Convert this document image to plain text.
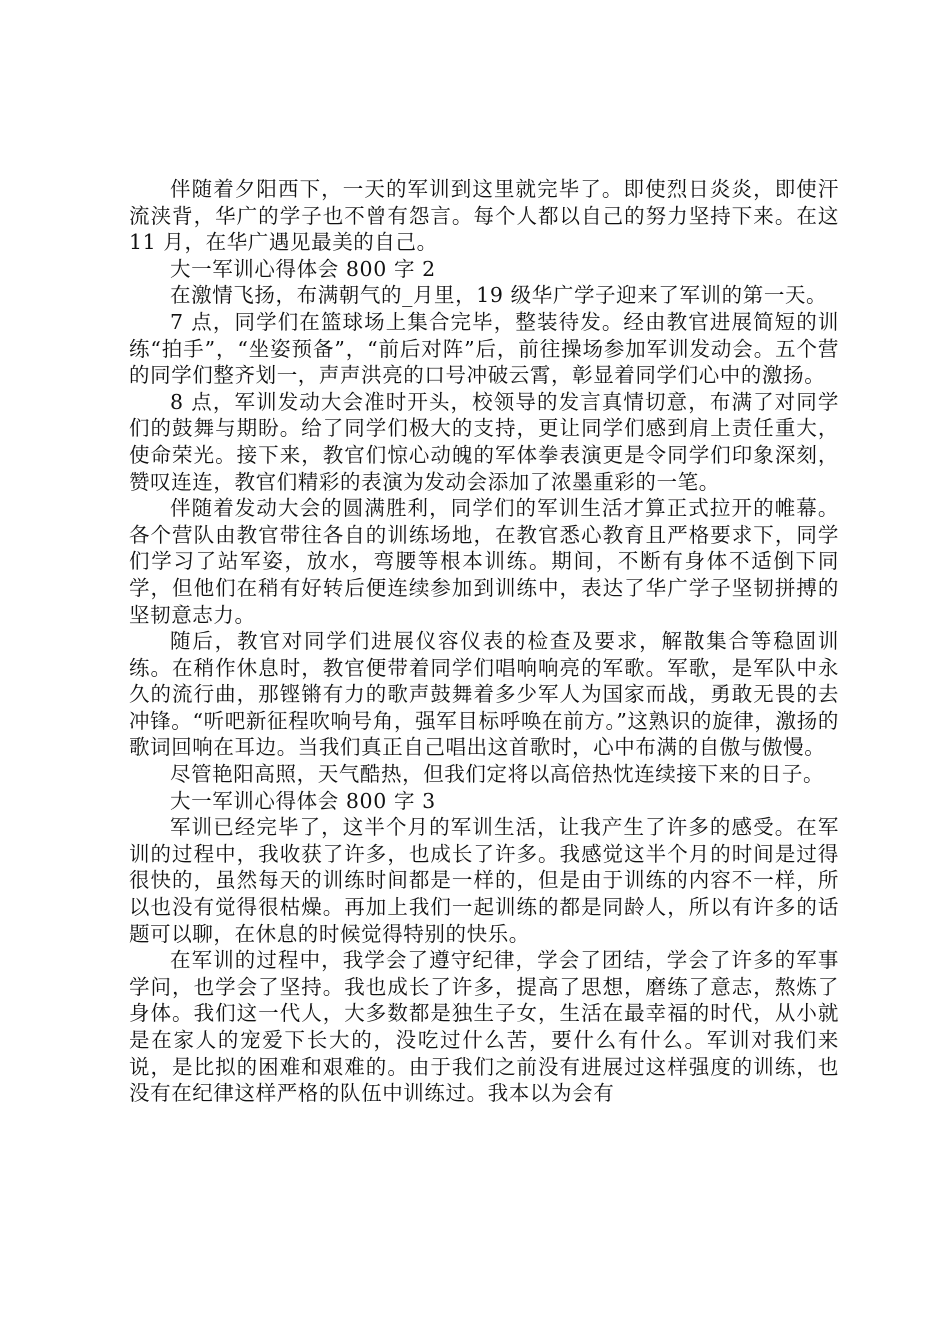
伴随着夕阳西下，一天的军训到这里就完毕了。即使烈日炎炎，即使汗流浃背，华广的学子也不曾有怨言。每个人都以自己的努力坚持下来。在这 11 月，在华广遇见最美的自己。

大一军训心得体会 800 字 2

在激情飞扬，布满朝气的_月里，19 级华广学子迎来了军训的第一天。

7 点，同学们在篮球场上集合完毕，整装待发。经由教官进展简短的训练“拍手”，“坐姿预备”，“前后对阵”后，前往操场参加军训发动会。五个营的同学们整齐划一，声声洪亮的口号冲破云霄，彰显着同学们心中的激扬。

8 点，军训发动大会准时开头，校领导的发言真情切意，布满了对同学们的鼓舞与期盼。给了同学们极大的支持，更让同学们感到肩上责任重大，使命荣光。接下来，教官们惊心动魄的军体拳表演更是令同学们印象深刻，赞叹连连，教官们精彩的表演为发动会添加了浓墨重彩的一笔。

伴随着发动大会的圆满胜利，同学们的军训生活才算正式拉开的帷幕。各个营队由教官带往各自的训练场地，在教官悉心教育且严格要求下，同学们学习了站军姿，放水，弯腰等根本训练。期间，不断有身体不适倒下同学，但他们在稍有好转后便连续参加到训练中，表达了华广学子坚韧拼搏的坚韧意志力。

随后，教官对同学们进展仪容仪表的检查及要求，解散集合等稳固训练。在稍作休息时，教官便带着同学们唱响响亮的军歌。军歌，是军队中永久的流行曲，那铿锵有力的歌声鼓舞着多少军人为国家而战，勇敢无畏的去冲锋。“听吧新征程吹响号角，强军目标呼唤在前方。”这熟识的旋律，激扬的歌词回响在耳边。当我们真正自己唱出这首歌时，心中布满的自傲与傲慢。

尽管艳阳高照，天气酷热，但我们定将以高倍热忱连续接下来的日子。

大一军训心得体会 800 字 3

军训已经完毕了，这半个月的军训生活，让我产生了许多的感受。在军训的过程中，我收获了许多，也成长了许多。我感觉这半个月的时间是过得很快的，虽然每天的训练时间都是一样的，但是由于训练的内容不一样，所以也没有觉得很枯燥。再加上我们一起训练的都是同龄人，所以有许多的话题可以聊，在休息的时候觉得特别的快乐。

在军训的过程中，我学会了遵守纪律，学会了团结，学会了许多的军事学问，也学会了坚持。我也成长了许多，提高了思想，磨练了意志，熬炼了身体。我们这一代人，大多数都是独生子女，生活在最幸福的时代，从小就是在家人的宠爱下长大的，没吃过什么苦，要什么有什么。军训对我们来说，是比拟的困难和艰难的。由于我们之前没有进展过这样强度的训练，也没有在纪律这样严格的队伍中训练过。我本以为会有
